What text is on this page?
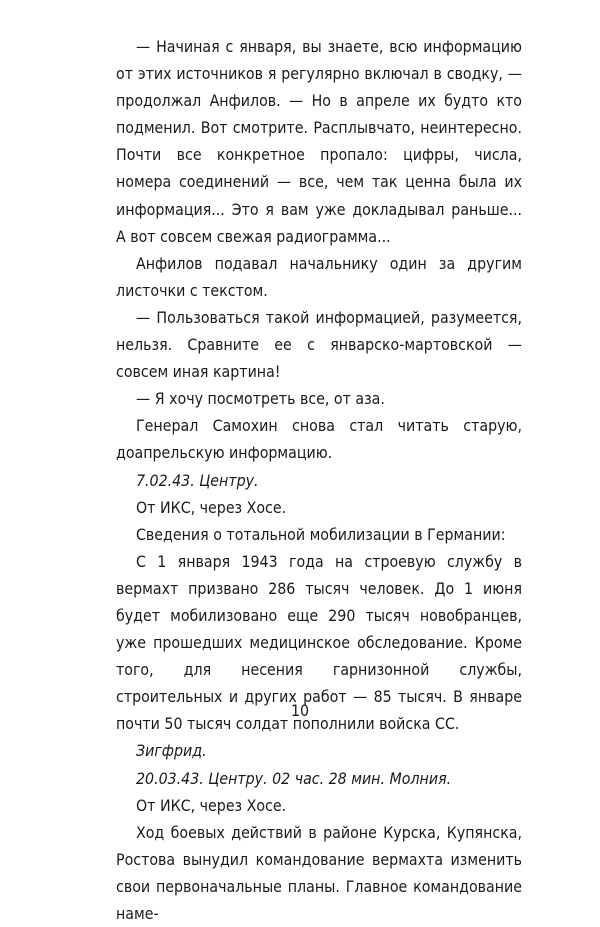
— Начиная с января, вы знаете, всю информацию от этих источников я регулярно включал в сводку, — продолжал Анфилов. — Но в апреле их будто кто подменил. Вот смотрите. Расплывчато, неинтересно. Почти все конкретное пропало: цифры, числа, номера соединений — все, чем так ценна была их информация... Это я вам уже докладывал раньше... А вот совсем свежая радиограмма...

Анфилов подавал начальнику один за другим листочки с текстом.

— Пользоваться такой информацией, разумеется, нельзя. Сравните ее с январско-мартовской — совсем иная картина!

— Я хочу посмотреть все, от аза.

Генерал Самохин снова стал читать старую, доапрельскую информацию.

7.02.43. Центру.

От ИКС, через Хосе.

Сведения о тотальной мобилизации в Германии:

С 1 января 1943 года на строевую службу в вермахт призвано 286 тысяч человек. До 1 июня будет мобилизовано еще 290 тысяч новобранцев, уже прошедших медицинское обследование. Кроме того, для несения гарнизонной службы, строительных и других работ — 85 тысяч. В январе почти 50 тысяч солдат пополнили войска СС.

Зигфрид.

20.03.43. Центру. 02 час. 28 мин. Молния.

От ИКС, через Хосе.

Ход боевых действий в районе Курска, Купянска, Ростова вынудил командование вермахта изменить свои первоначальные планы. Главное командование наме-

10
